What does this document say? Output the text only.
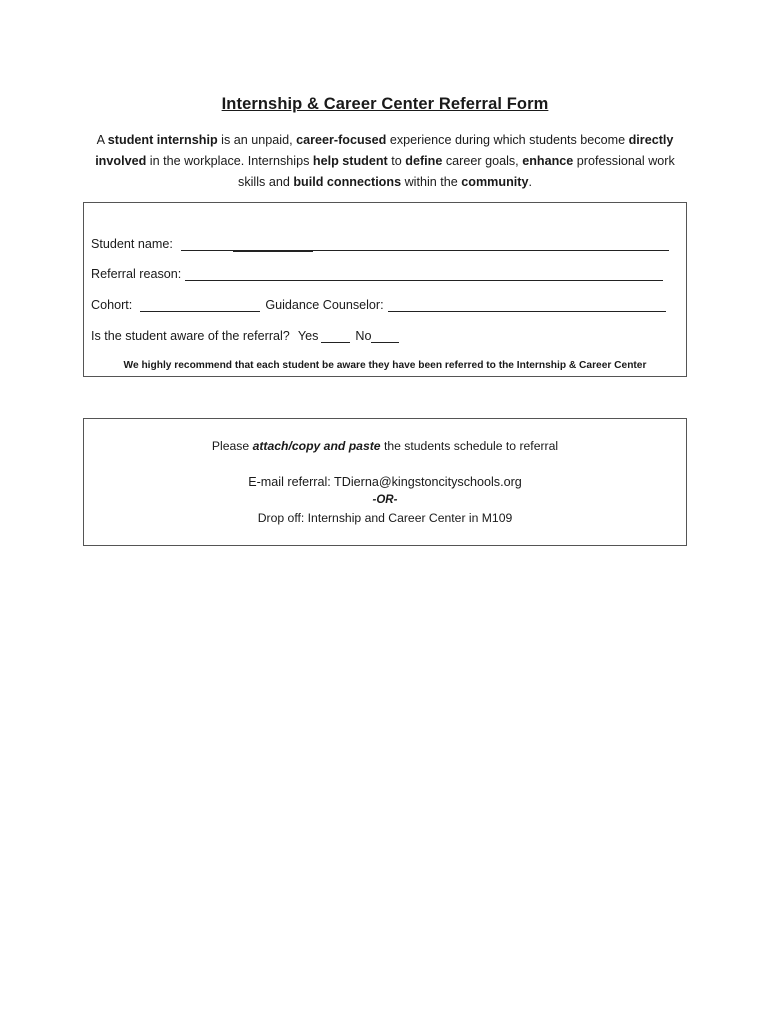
Internship & Career Center Referral Form
A student internship is an unpaid, career-focused experience during which students become directly involved in the workplace. Internships help student to define career goals, enhance professional work skills and build connections within the community.
Student name:
Referral reason:
Cohort:	Guidance Counselor:
Is the student aware of the referral? Yes	No
We highly recommend that each student be aware they have been referred to the Internship & Career Center
Please attach/copy and paste the students schedule to referral
E-mail referral: TDierna@kingstoncityschools.org
-OR-
Drop off: Internship and Career Center in M109
